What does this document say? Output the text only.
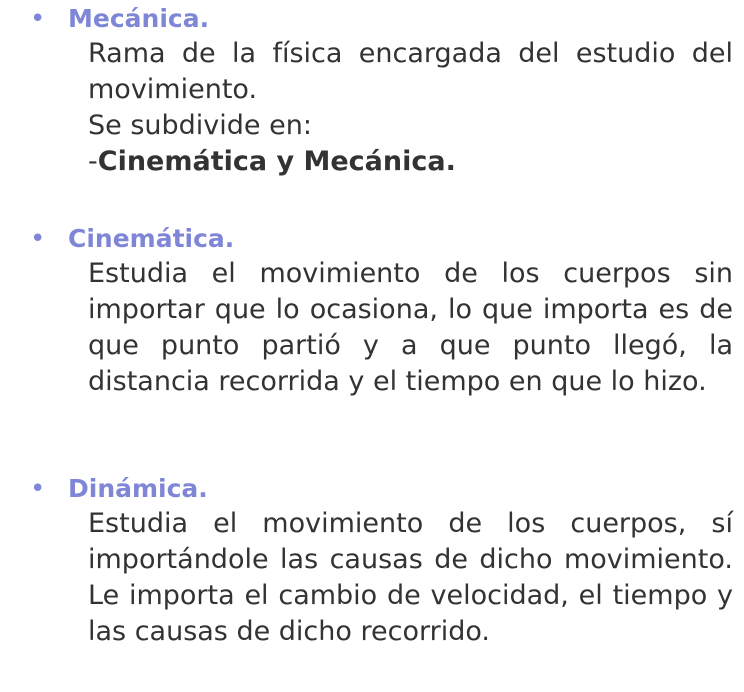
• Mecánica.
Rama de la física encargada del estudio del movimiento.
Se subdivide en:
-Cinemática y Mecánica.
• Cinemática.
Estudia el movimiento de los cuerpos sin importar que lo ocasiona, lo que importa es de que punto partió y a que punto llegó, la distancia recorrida y el tiempo en que lo hizo.
• Dinámica.
Estudia el movimiento de los cuerpos, sí importándole las causas de dicho movimiento. Le importa el cambio de velocidad, el tiempo y las causas de dicho recorrido.
